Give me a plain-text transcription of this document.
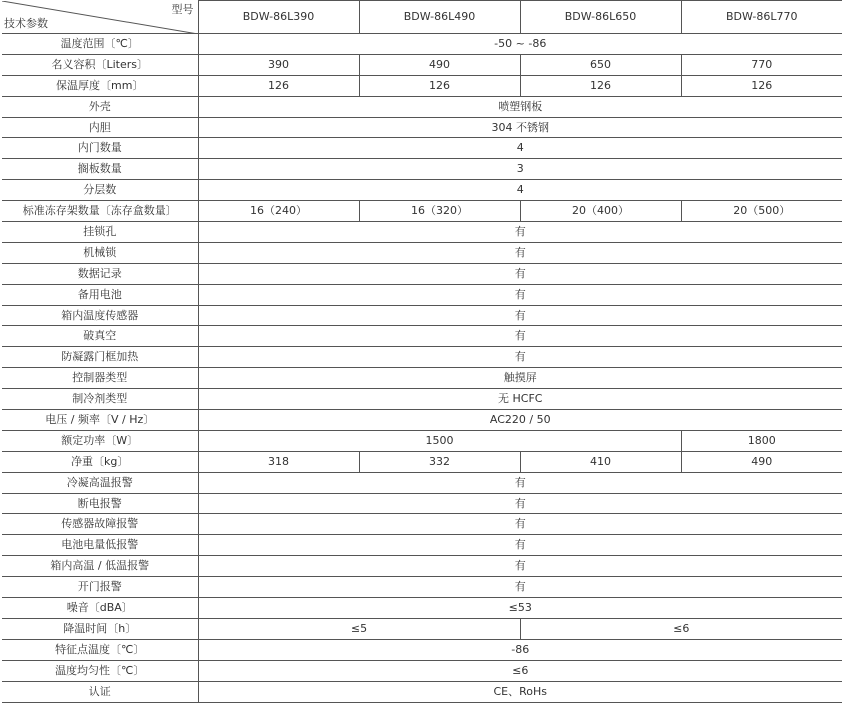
型号
技术参数	BDW-86L390	BDW-86L490	BDW-86L650	BDW-86L770
温度范围〔℃〕	-50 ~ -86			
名义容积〔Liters〕	390	490	650	770
保温厚度〔mm〕	126	126	126	126
外壳	喷塑钢板			
内胆	304 不锈钢			
内门数量	4			
搁板数量	3			
分层数	4			
标准冻存架数量〔冻存盒数量〕	16（240）	16（320）	20（400）	20（500）
挂锁孔	有			
机械锁	有			
数据记录	有			
备用电池	有			
箱内温度传感器	有			
破真空	有			
防凝露门框加热	有			
控制器类型	触摸屏			
制冷剂类型	无 HCFC			
电压 / 频率〔V / Hz〕	AC220 / 50			
额定功率〔W〕	1500			1800
净重〔kg〕	318	332	410	490
冷凝高温报警	有			
断电报警	有			
传感器故障报警	有			
电池电量低报警	有			
箱内高温 / 低温报警	有			
开门报警	有			
噪音〔dBA〕	≤53			
降温时间〔h〕	≤5		≤6	
特征点温度〔℃〕	-86			
温度均匀性〔℃〕	≤6			
认证	CE、RoHs			
